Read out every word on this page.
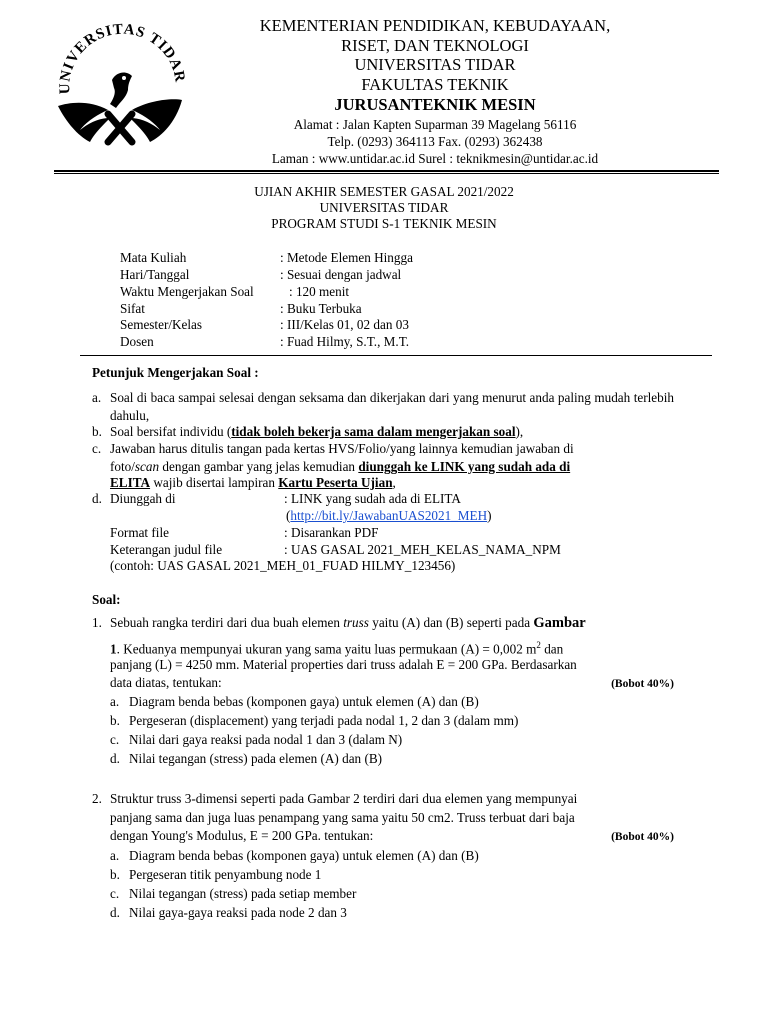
UNIVERSITAS TIDAR
KEMENTERIAN PENDIDIKAN, KEBUDAYAAN,
RISET, DAN TEKNOLOGI
UNIVERSITAS TIDAR
FAKULTAS TEKNIK
JURUSANTEKNIK MESIN
Alamat : Jalan Kapten Suparman 39 Magelang 56116
Telp. (0293) 364113 Fax. (0293) 362438
Laman : www.untidar.ac.id Surel : teknikmesin@untidar.ac.id
UJIAN AKHIR SEMESTER GASAL 2021/2022
UNIVERSITAS TIDAR
PROGRAM STUDI S-1 TEKNIK MESIN
Mata Kuliah	: Metode Elemen Hingga
Hari/Tanggal	: Sesuai dengan jadwal
Waktu Mengerjakan Soal	: 120 menit
Sifat	: Buku Terbuka
Semester/Kelas	: III/Kelas 01, 02 dan 03
Dosen	: Fuad Hilmy, S.T., M.T.
Petunjuk Mengerjakan Soal :
a. Soal di baca sampai selesai dengan seksama dan dikerjakan dari yang menurut anda paling mudah terlebih dahulu,
b. Soal bersifat individu (tidak boleh bekerja sama dalam mengerjakan soal),
c. Jawaban harus ditulis tangan pada kertas HVS/Folio/yang lainnya kemudian jawaban di
foto/scan dengan gambar yang jelas kemudian diunggah ke LINK yang sudah ada di
ELITA wajib disertai lampiran Kartu Peserta Ujian,
d. Diunggah di	: LINK yang sudah ada di ELITA
(http://bit.ly/JawabanUAS2021_MEH)
Format file	: Disarankan PDF
Keterangan judul file	: UAS GASAL 2021_MEH_KELAS_NAMA_NPM
(contoh: UAS GASAL 2021_MEH_01_FUAD HILMY_123456)
Soal:
1. Sebuah rangka terdiri dari dua buah elemen truss yaitu (A) dan (B) seperti pada Gambar
1. Keduanya mempunyai ukuran yang sama yaitu luas permukaan (A) = 0,002 $m^2$ dan
panjang (L) = 4250 mm. Material properties dari truss adalah E = 200 GPa. Berdasarkan
data diatas, tentukan:	(Bobot 40%)
a. Diagram benda bebas (komponen gaya) untuk elemen (A) dan (B)
b. Pergeseran (displacement) yang terjadi pada nodal 1, 2 dan 3 (dalam mm)
c. Nilai dari gaya reaksi pada nodal 1 dan 3 (dalam N)
d. Nilai tegangan (stress) pada elemen (A) dan (B)
2. Struktur truss 3-dimensi seperti pada Gambar 2 terdiri dari dua elemen yang mempunyai
panjang sama dan juga luas penampang yang sama yaitu 50 cm2. Truss terbuat dari baja
dengan Young's Modulus, E = 200 GPa. tentukan:	(Bobot 40%)
a. Diagram benda bebas (komponen gaya) untuk elemen (A) dan (B)
b. Pergeseran titik penyambung node 1
c. Nilai tegangan (stress) pada setiap member
d. Nilai gaya-gaya reaksi pada node 2 dan 3
